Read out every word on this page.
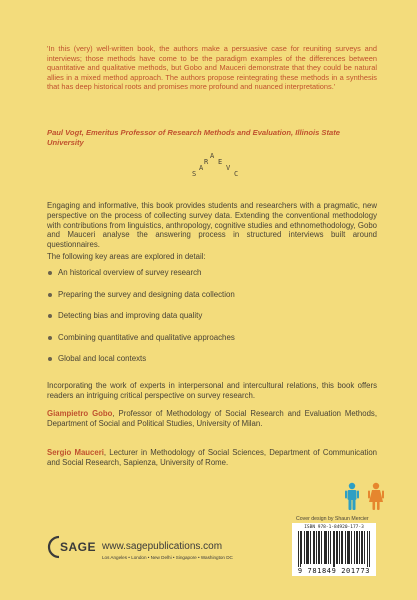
'In this (very) well-written book, the authors make a persuasive case for reuniting surveys and interviews; those methods have come to be the paradigm examples of the differences between quantitative and qualitative methods, but Gobo and Mauceri demonstrate that they could be natural allies in a mixed method approach. The authors propose reintegrating these methods in a synthesis that has deep historical roots and promises more profound and nuanced interpretations.'
Paul Vogt, Emeritus Professor of Research Methods and Evaluation, Illinois State University
S
A
R
A
E
V
C
Engaging and informative, this book provides students and researchers with a pragmatic, new perspective on the process of collecting survey data. Extending the conventional methodology with contributions from linguistics, anthropology, cognitive studies and ethnomethodology, Gobo and Mauceri analyse the answering process in structured interviews built around questionnaires.
The following key areas are explored in detail:
An historical overview of survey research
Preparing the survey and designing data collection
Detecting bias and improving data quality
Combining quantitative and qualitative approaches
Global and local contexts
Incorporating the work of experts in interpersonal and intercultural relations, this book offers readers an intriguing critical perspective on survey research.
Giampietro Gobo, Professor of Methodology of Social Research and Evaluation Methods, Department of Social and Political Studies, University of Milan.
Sergio Mauceri, Lecturer in Methodology of Social Sciences, Department of Communication and Social Research, Sapienza, University of Rome.
Cover design by Shaun Mercier
SAGE www.sagepublications.com
Los Angeles • London • New Delhi • Singapore • Washington DC
ISBN 978-1-84920-177-3
9 781849 201773
